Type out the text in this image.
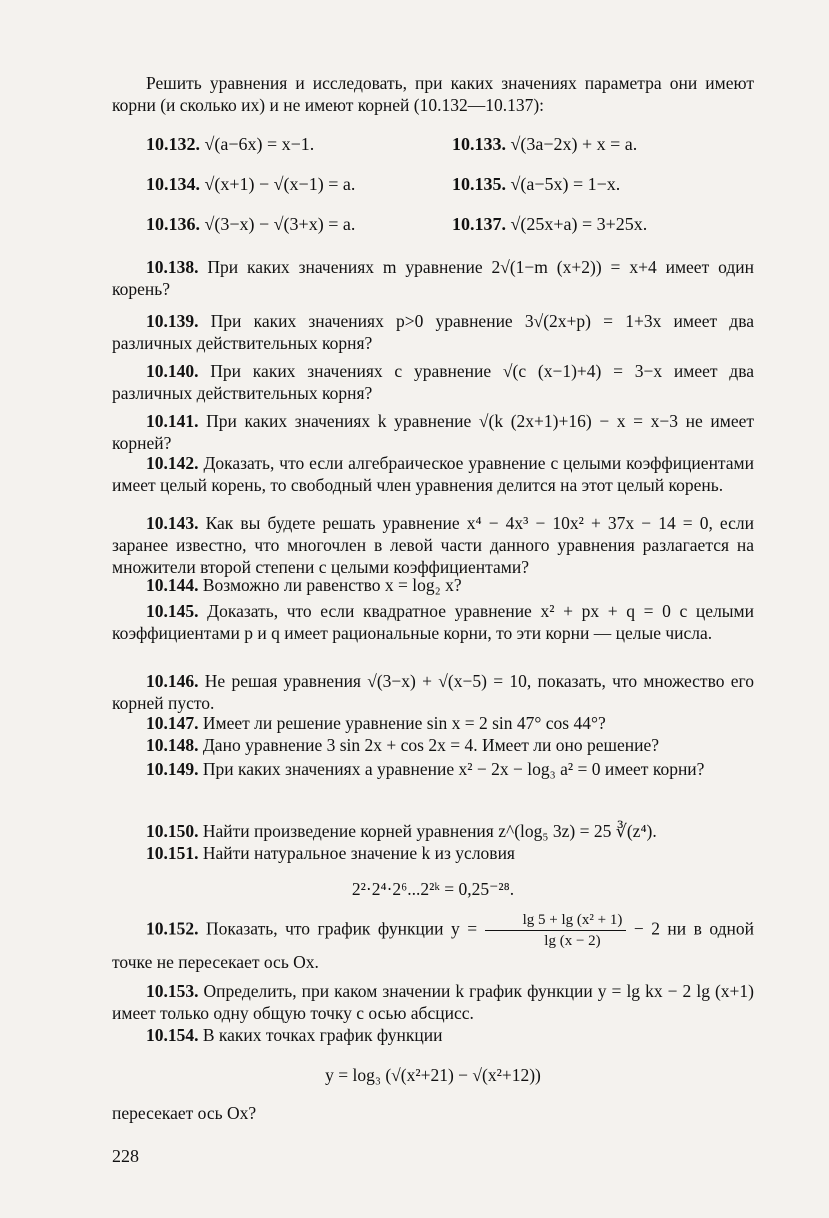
Решить уравнения и исследовать, при каких значениях параметра они имеют корни (и сколько их) и не имеют корней (10.132—10.137):
10.132. √(a−6x) = x−1.	10.133. √(3a−2x) + x = a.
10.134. √(x+1) − √(x−1) = a.	10.135. √(a−5x) = 1−x.
10.136. √(3−x) − √(3+x) = a.	10.137. √(25x+a) = 3+25x.
10.138. При каких значениях m уравнение 2√(1−m (x+2)) = x+4 имеет один корень?
10.139. При каких значениях p>0 уравнение 3√(2x+p) = 1+3x имеет два различных действительных корня?
10.140. При каких значениях c уравнение √(c (x−1)+4) = 3−x имеет два различных действительных корня?
10.141. При каких значениях k уравнение √(k (2x+1)+16) − x = x−3 не имеет корней?
10.142. Доказать, что если алгебраическое уравнение с целыми коэффициентами имеет целый корень, то свободный член уравнения делится на этот целый корень.
10.143. Как вы будете решать уравнение x⁴ − 4x³ − 10x² + 37x − 14 = 0, если заранее известно, что многочлен в левой части данного уравнения разлагается на множители второй степени с целыми коэффициентами?
10.144. Возможно ли равенство x = log₂ x?
10.145. Доказать, что если квадратное уравнение x² + px + q = 0 с целыми коэффициентами p и q имеет рациональные корни, то эти корни — целые числа.
10.146. Не решая уравнения √(3−x) + √(x−5) = 10, показать, что множество его корней пусто.
10.147. Имеет ли решение уравнение sin x = 2 sin 47° cos 44°?
10.148. Дано уравнение 3 sin 2x + cos 2x = 4. Имеет ли оно решение?
10.149. При каких значениях a уравнение x² − 2x − log₃ a² = 0 имеет корни?
10.150. Найти произведение корней уравнения z^(log₅ 3z) = 25 ∛(z⁴).
10.151. Найти натуральное значение k из условия
2²·2⁴·2⁶...2²ᵏ = 0,25⁻²⁸.
10.152. Показать, что график функции $y = \frac{\text{lg 5 + lg (x² + 1)}}{\lg (x - 2)} - 2$ ни в одной точке не пересекает ось Ox.
10.153. Определить, при каком значении k график функции y = lg kx − 2 lg (x+1) имеет только одну общую точку с осью абсцисс.
10.154. В каких точках график функции
y = log₃ (√(x²+21) − √(x²+12))
пересекает ось Ox?
228
